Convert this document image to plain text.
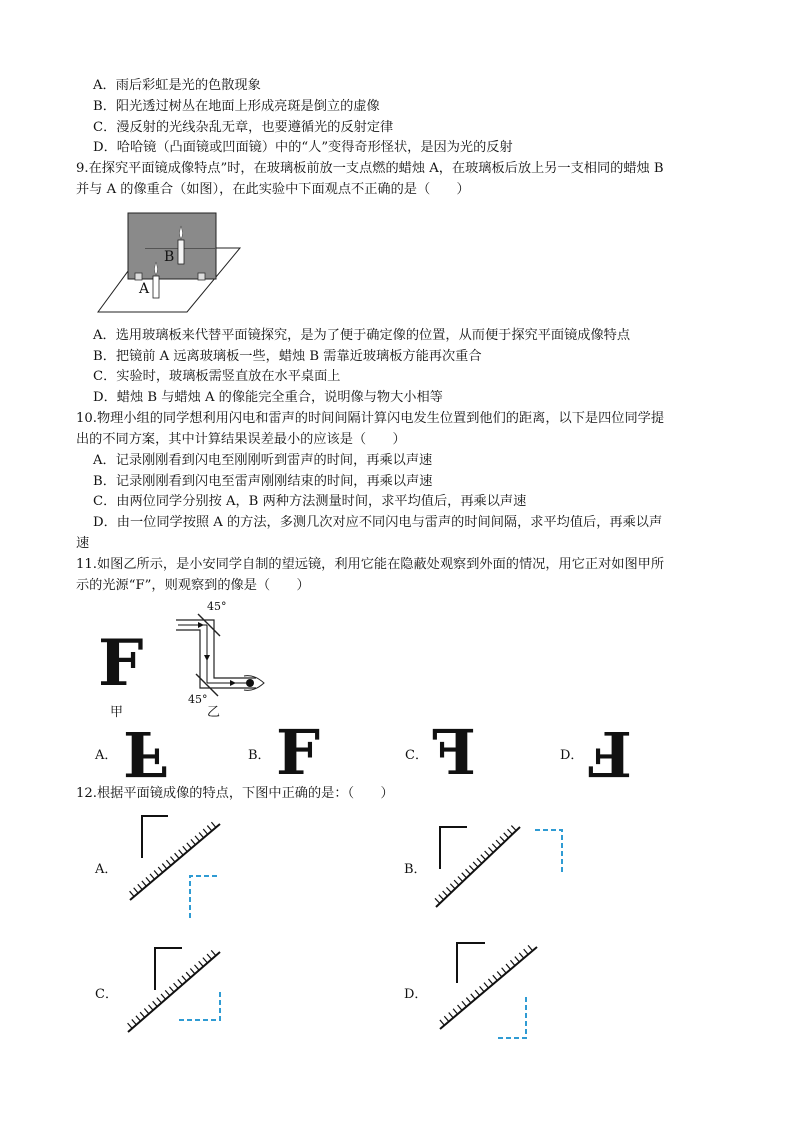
A．雨后彩虹是光的色散现象
B．阳光透过树丛在地面上形成亮斑是倒立的虚像
C．漫反射的光线杂乱无章，也要遵循光的反射定律
D．哈哈镜（凸面镜或凹面镜）中的“人”变得奇形怪状，是因为光的反射
9.在探究平面镜成像特点”时，在玻璃板前放一支点燃的蜡烛 A，在玻璃板后放上另一支相同的蜡烛 B
并与 A 的像重合（如图），在此实验中下面观点不正确的是（　　）
B
A
A．选用玻璃板来代替平面镜探究，是为了便于确定像的位置，从而便于探究平面镜成像特点
B．把镜前 A 远离玻璃板一些，蜡烛 B 需靠近玻璃板方能再次重合
C．实验时，玻璃板需竖直放在水平桌面上
D．蜡烛 B 与蜡烛 A 的像能完全重合，说明像与物大小相等
10.物理小组的同学想利用闪电和雷声的时间间隔计算闪电发生位置到他们的距离，以下是四位同学提
出的不同方案，其中计算结果误差最小的应该是（　　）
A．记录刚刚看到闪电至刚刚听到雷声的时间，再乘以声速
B．记录刚刚看到闪电至雷声刚刚结束的时间，再乘以声速
C．由两位同学分别按 A，B 两种方法测量时间，求平均值后，再乘以声速
D．由一位同学按照 A 的方法，多测几次对应不同闪电与雷声的时间间隔，求平均值后，再乘以声
速
11.如图乙所示，是小安同学自制的望远镜，利用它能在隐蔽处观察到外面的情况，用它正对如图甲所
示的光源“F”，则观察到的像是（　　）
F
甲
45°
45°
乙
A． F	B． F	C． F	D． F
12.根据平面镜成像的特点，下图中正确的是：（　　）
A．	B．
C．	D．
